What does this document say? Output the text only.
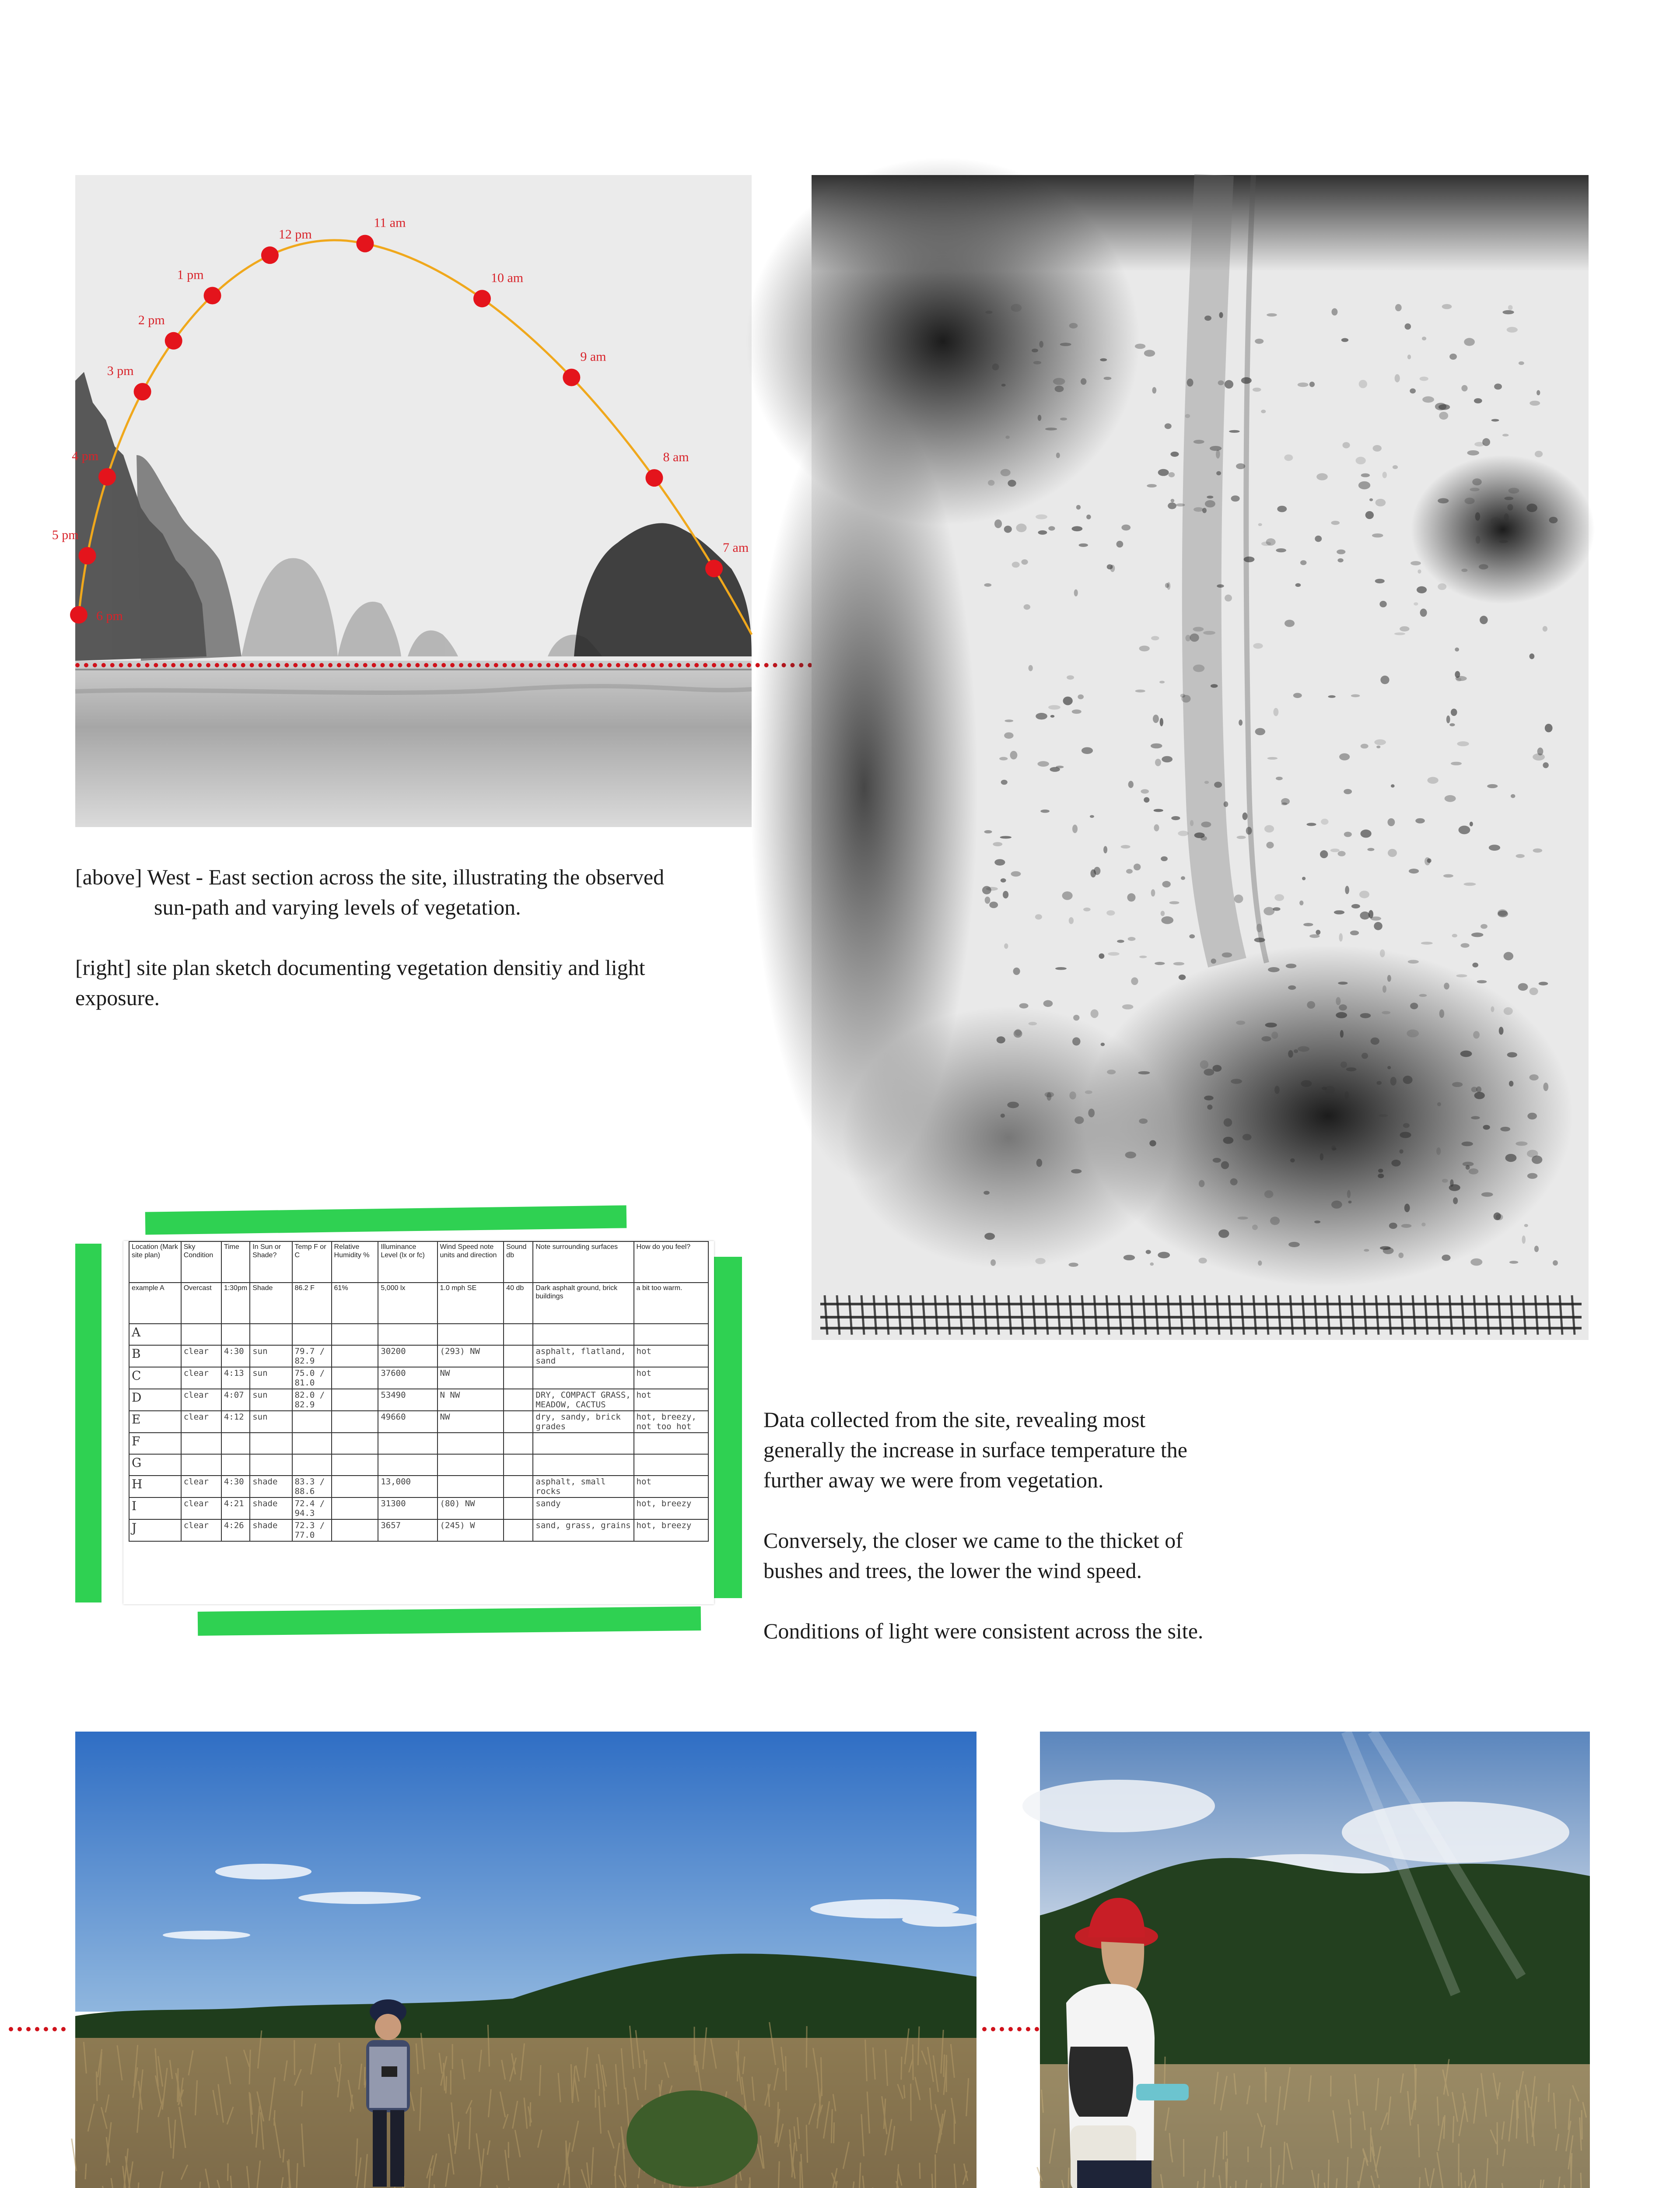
5 pm
4 pm
3 pm
2 pm
1 pm
12 pm
11 am
10 am
9 am
8 am
7 am
6 pm

[above] West - East section across the site, illustrating the observed

sun-path and varying levels of vegetation.

[right] site plan sketch documenting vegetation densitiy and light

exposure.

Location (Mark site plan)	Sky Condition	Time	In Sun or Shade?	Temp F or C	Relative Humidity %	Illuminance Level (lx or fc)	Wind Speed note units and direction	Sound db	Note surrounding surfaces	How do you feel?
example A	Overcast	1:30pm	Shade	86.2 F	61%	5,000 lx	1.0 mph SE	40 db	Dark asphalt ground, brick buildings	a bit too warm.
A										
B	clear	4:30	sun	79.7 / 82.9		30200	(293) NW		asphalt, flatland, sand	hot
C	clear	4:13	sun	75.0 / 81.0		37600	NW			hot
D	clear	4:07	sun	82.0 / 82.9		53490	N NW		DRY, COMPACT GRASS, MEADOW, CACTUS	hot
E	clear	4:12	sun			49660	NW		dry, sandy, brick grades	hot, breezy, not too hot
F										
G										
H	clear	4:30	shade	83.3 / 88.6		13,000			asphalt, small rocks	hot
I	clear	4:21	shade	72.4 / 94.3		31300	(80) NW		sandy	hot, breezy
J	clear	4:26	shade	72.3 / 77.0		3657	(245) W		sand, grass, grains	hot, breezy

Data collected from the site, revealing most

generally the increase in surface temperature the

further away we were from vegetation.

Conversely, the closer we came to the thicket of

bushes and trees, the lower the wind speed.

Conditions of light were consistent across the site.
